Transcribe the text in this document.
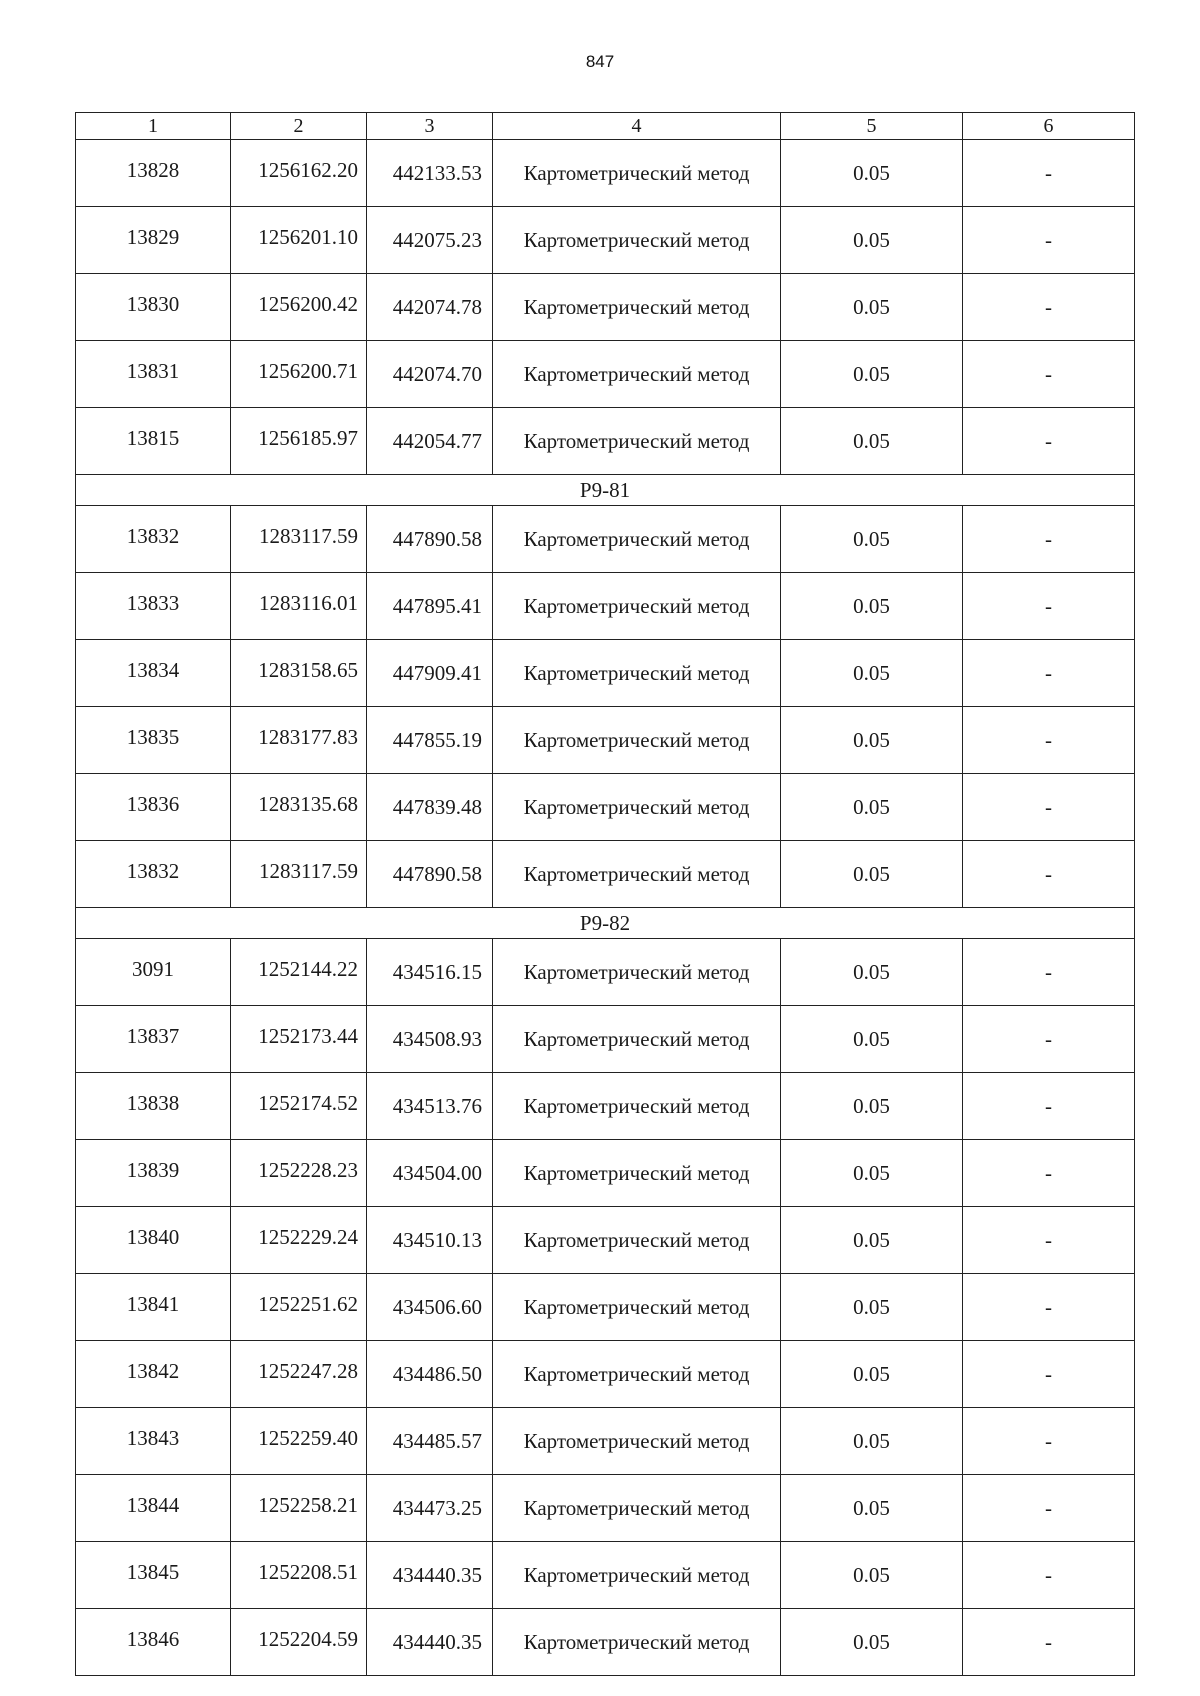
847
1	2	3	4	5	6
13828	1256162.20	442133.53	Картометрический метод	0.05	-
13829	1256201.10	442075.23	Картометрический метод	0.05	-
13830	1256200.42	442074.78	Картометрический метод	0.05	-
13831	1256200.71	442074.70	Картометрический метод	0.05	-
13815	1256185.97	442054.77	Картометрический метод	0.05	-
Р9-81					
13832	1283117.59	447890.58	Картометрический метод	0.05	-
13833	1283116.01	447895.41	Картометрический метод	0.05	-
13834	1283158.65	447909.41	Картометрический метод	0.05	-
13835	1283177.83	447855.19	Картометрический метод	0.05	-
13836	1283135.68	447839.48	Картометрический метод	0.05	-
13832	1283117.59	447890.58	Картометрический метод	0.05	-
Р9-82					
3091	1252144.22	434516.15	Картометрический метод	0.05	-
13837	1252173.44	434508.93	Картометрический метод	0.05	-
13838	1252174.52	434513.76	Картометрический метод	0.05	-
13839	1252228.23	434504.00	Картометрический метод	0.05	-
13840	1252229.24	434510.13	Картометрический метод	0.05	-
13841	1252251.62	434506.60	Картометрический метод	0.05	-
13842	1252247.28	434486.50	Картометрический метод	0.05	-
13843	1252259.40	434485.57	Картометрический метод	0.05	-
13844	1252258.21	434473.25	Картометрический метод	0.05	-
13845	1252208.51	434440.35	Картометрический метод	0.05	-
13846	1252204.59	434440.35	Картометрический метод	0.05	-
